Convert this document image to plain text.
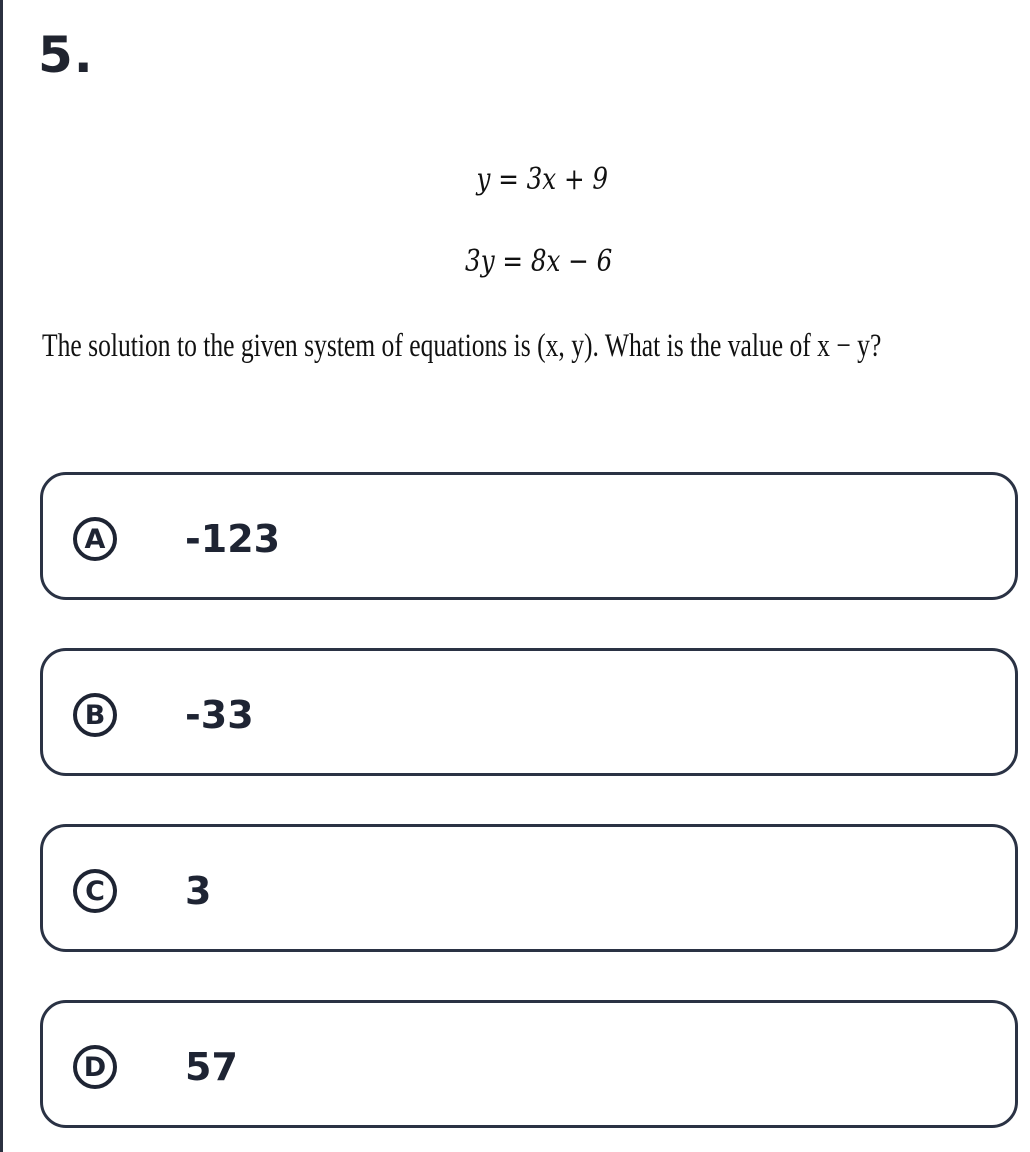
5.
y = 3x + 9
3y = 8x − 6
The solution to the given system of equations is (x, y). What is the value of x − y?
A	-123
B	-33
C	3
D 57
